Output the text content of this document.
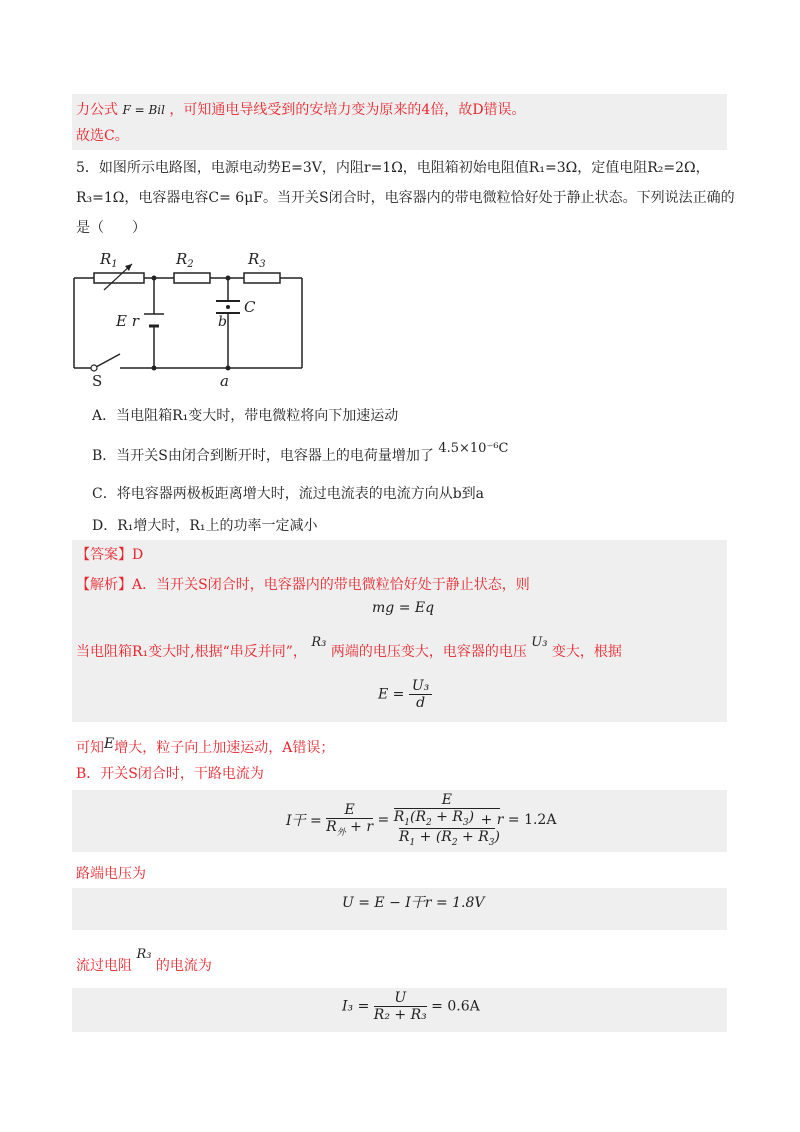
力公式 F = Bil ，可知通电导线受到的安培力变为原来的4倍，故D错误。
故选C。
5．如图所示电路图，电源电动势E=3V，内阻r=1Ω，电阻箱初始电阻值R₁=3Ω，定值电阻R₂=2Ω，
R₃=1Ω，电容器电容C= 6μF。当开关S闭合时，电容器内的带电微粒恰好处于静止状态。下列说法正确的
是（　　）
$R_1$	$R_2$	$R_3$
C
b
E r
S	a
A．当电阻箱R₁变大时，带电微粒将向下加速运动
B．当开关S由闭合到断开时，电容器上的电荷量增加了 4.5×10⁻⁶C
C．将电容器两极板距离增大时，流过电流表的电流方向从b到a
D．R₁增大时，R₁上的功率一定减小
【答案】D
【解析】A．当开关S闭合时，电容器内的带电微粒恰好处于静止状态，则
mg = Eq
当电阻箱R₁变大时,根据“串反并同”， R₃ 两端的电压变大，电容器的电压 U₃ 变大，根据
$E = \frac{\text{U₃}}{d}$
可知E增大，粒子向上加速运动，A错误；
B．开关S闭合时，干路电流为
I干 = $\frac{E}{R_外 + r}$ =
E
$R_1(R_2 + R_3)$
$R_1 + (R_2 + R_3) + r = 1.2A$
路端电压为
U = E − I干r = 1.8V
流过电阻 R₃ 的电流为
$I_3 = \frac{U}{\text{R₂ + R₃}} = 0.6A$
